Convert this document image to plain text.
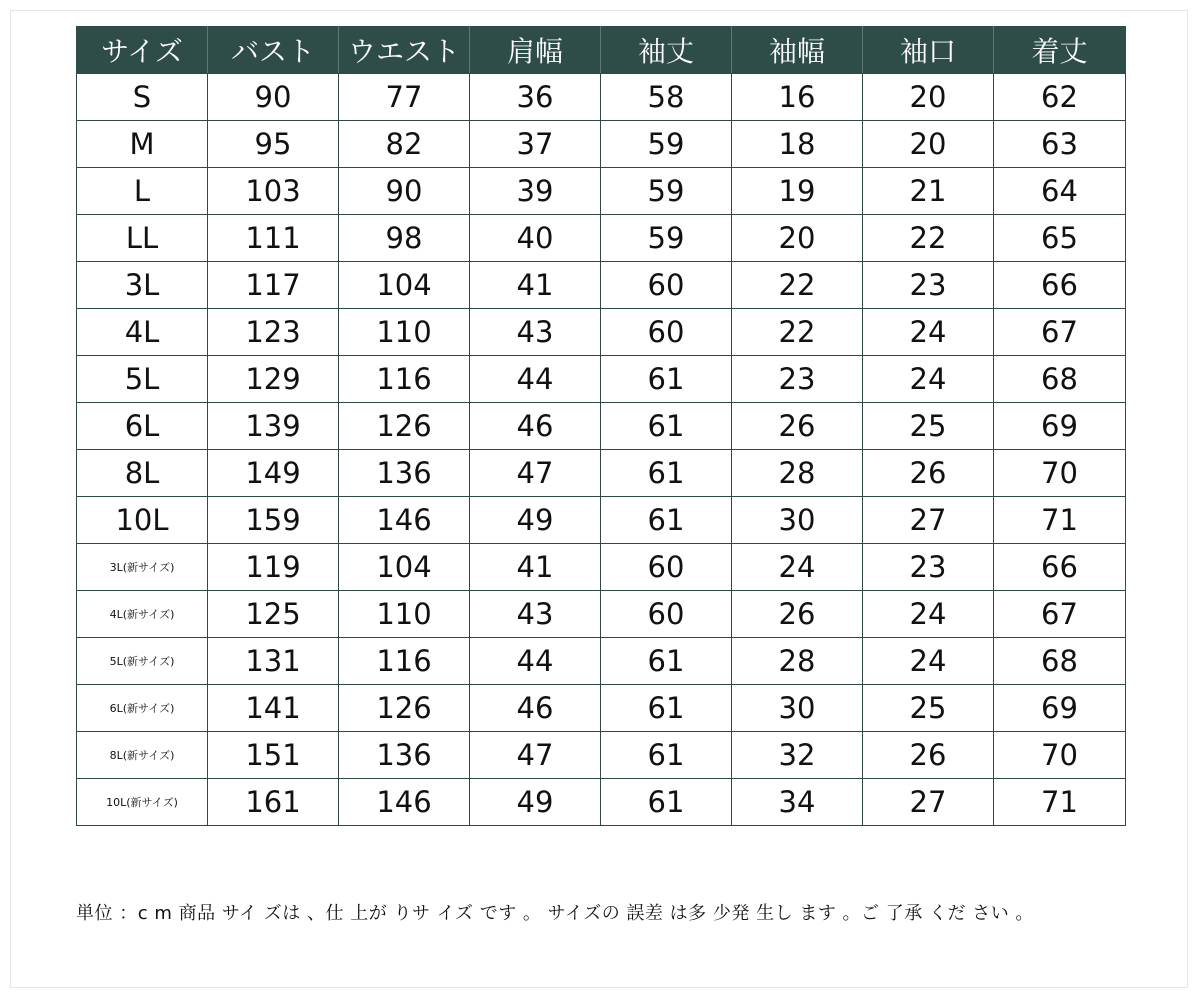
サイズ	バスト	ウエスト	肩幅	袖丈	袖幅	袖口	着丈
S	90	77	36	58	16	20	62
M	95	82	37	59	18	20	63
L	103	90	39	59	19	21	64
LL	111	98	40	59	20	22	65
3L	117	104	41	60	22	23	66
4L	123	110	43	60	22	24	67
5L	129	116	44	61	23	24	68
6L	139	126	46	61	26	25	69
8L	149	136	47	61	28	26	70
10L	159	146	49	61	30	27	71
3L(新サイズ)	119	104	41	60	24	23	66
4L(新サイズ)	125	110	43	60	26	24	67
5L(新サイズ)	131	116	44	61	28	24	68
6L(新サイズ)	141	126	46	61	30	25	69
8L(新サイズ)	151	136	47	61	32	26	70
10L(新サイズ)	161	146	49	61	34	27	71
単位 ：c m 商品 サイ ズは 、仕 上が りサ イズ です 。 サイズの 誤差 は多 少発 生し ます 。ご 了承 くだ さい 。
